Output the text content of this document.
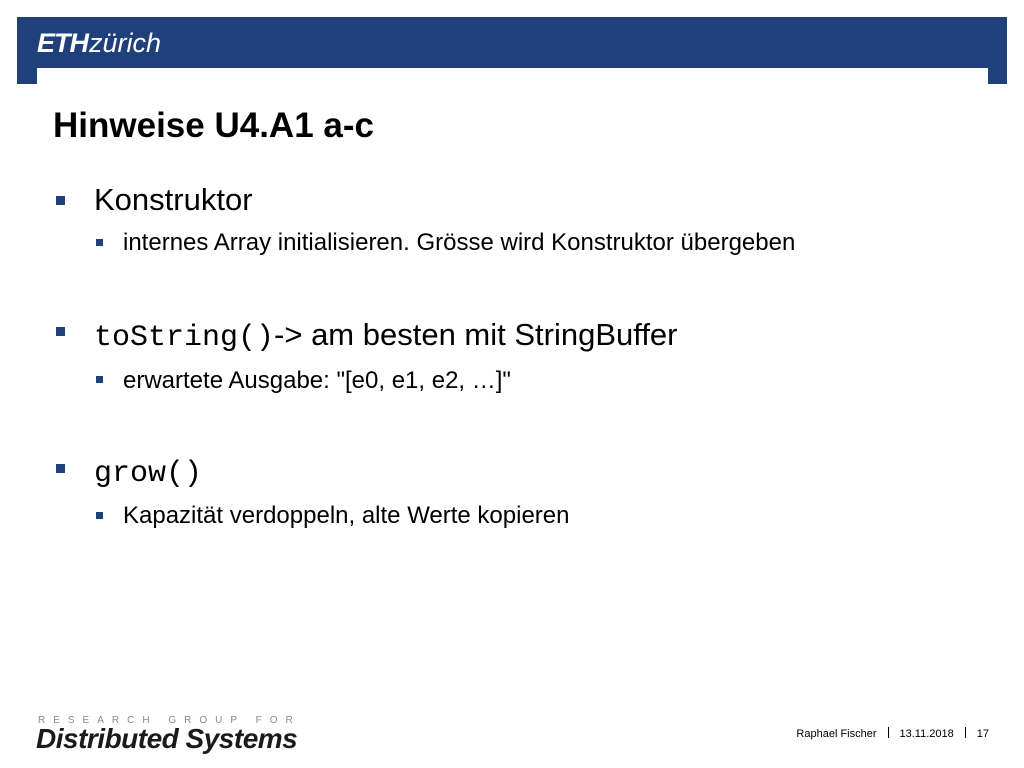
ETHzürich
Hinweise U4.A1 a-c
Konstruktor
internes Array initialisieren. Grösse wird Konstruktor übergeben
toString()-> am besten mit StringBuffer
erwartete Ausgabe: "[e0, e1, e2, …]"
grow()
Kapazität verdoppeln, alte Werte kopieren
RESEARCH GROUP FOR
Distributed Systems	Raphael Fischer 13.11.2018 17
